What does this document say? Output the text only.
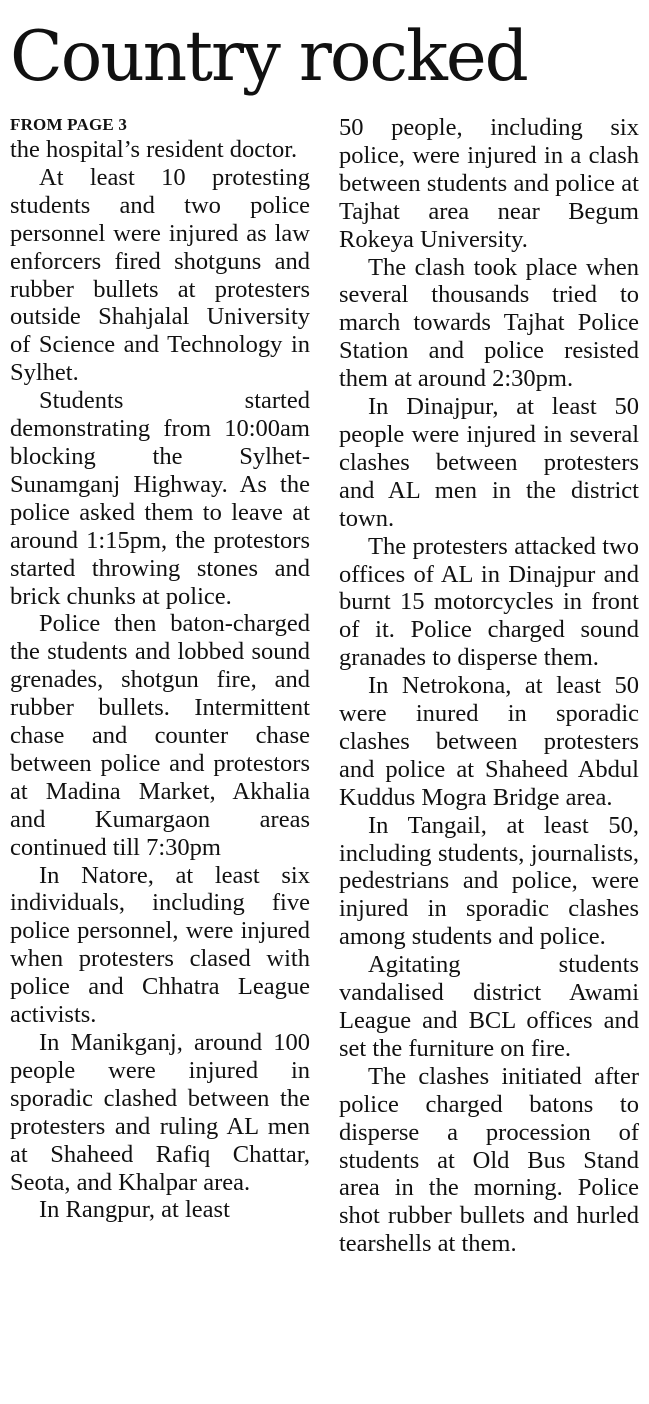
Country rocked
FROM PAGE 3

the hospital’s resident doctor.

At least 10 protesting students and two police personnel were injured as law enforcers fired shotguns and rubber bullets at protesters outside Shahjalal University of Science and Technology in Sylhet.

Students started demonstrating from 10:00am blocking the Sylhet-Sunamganj Highway. As the police asked them to leave at around 1:15pm, the protestors started throwing stones and brick chunks at police.

Police then baton-charged the students and lobbed sound grenades, shotgun fire, and rubber bullets. Intermittent chase and counter chase between police and protestors at Madina Market, Akhalia and Kumargaon areas continued till 7:30pm

In Natore, at least six individuals, including five police personnel, were injured when protesters clased with police and Chhatra League activists.

In Manikganj, around 100 people were injured in sporadic clashed between the protesters and ruling AL men at Shaheed Rafiq Chattar, Seota, and Khalpar area.

In Rangpur, at least

50 people, including six police, were injured in a clash between students and police at Tajhat area near Begum Rokeya University.

The clash took place when several thousands tried to march towards Tajhat Police Station and police resisted them at around 2:30pm.

In Dinajpur, at least 50 people were injured in several clashes between protesters and AL men in the district town.

The protesters attacked two offices of AL in Dinajpur and burnt 15 motorcycles in front of it. Police charged sound granades to disperse them.

In Netrokona, at least 50 were inured in sporadic clashes between protesters and police at Shaheed Abdul Kuddus Mogra Bridge area.

In Tangail, at least 50, including students, journalists, pedestrians and police, were injured in sporadic clashes among students and police.

Agitating students vandalised district Awami League and BCL offices and set the furniture on fire.

The clashes initiated after police charged batons to disperse a procession of students at Old Bus Stand area in the morning. Police shot rubber bullets and hurled tearshells at them.
